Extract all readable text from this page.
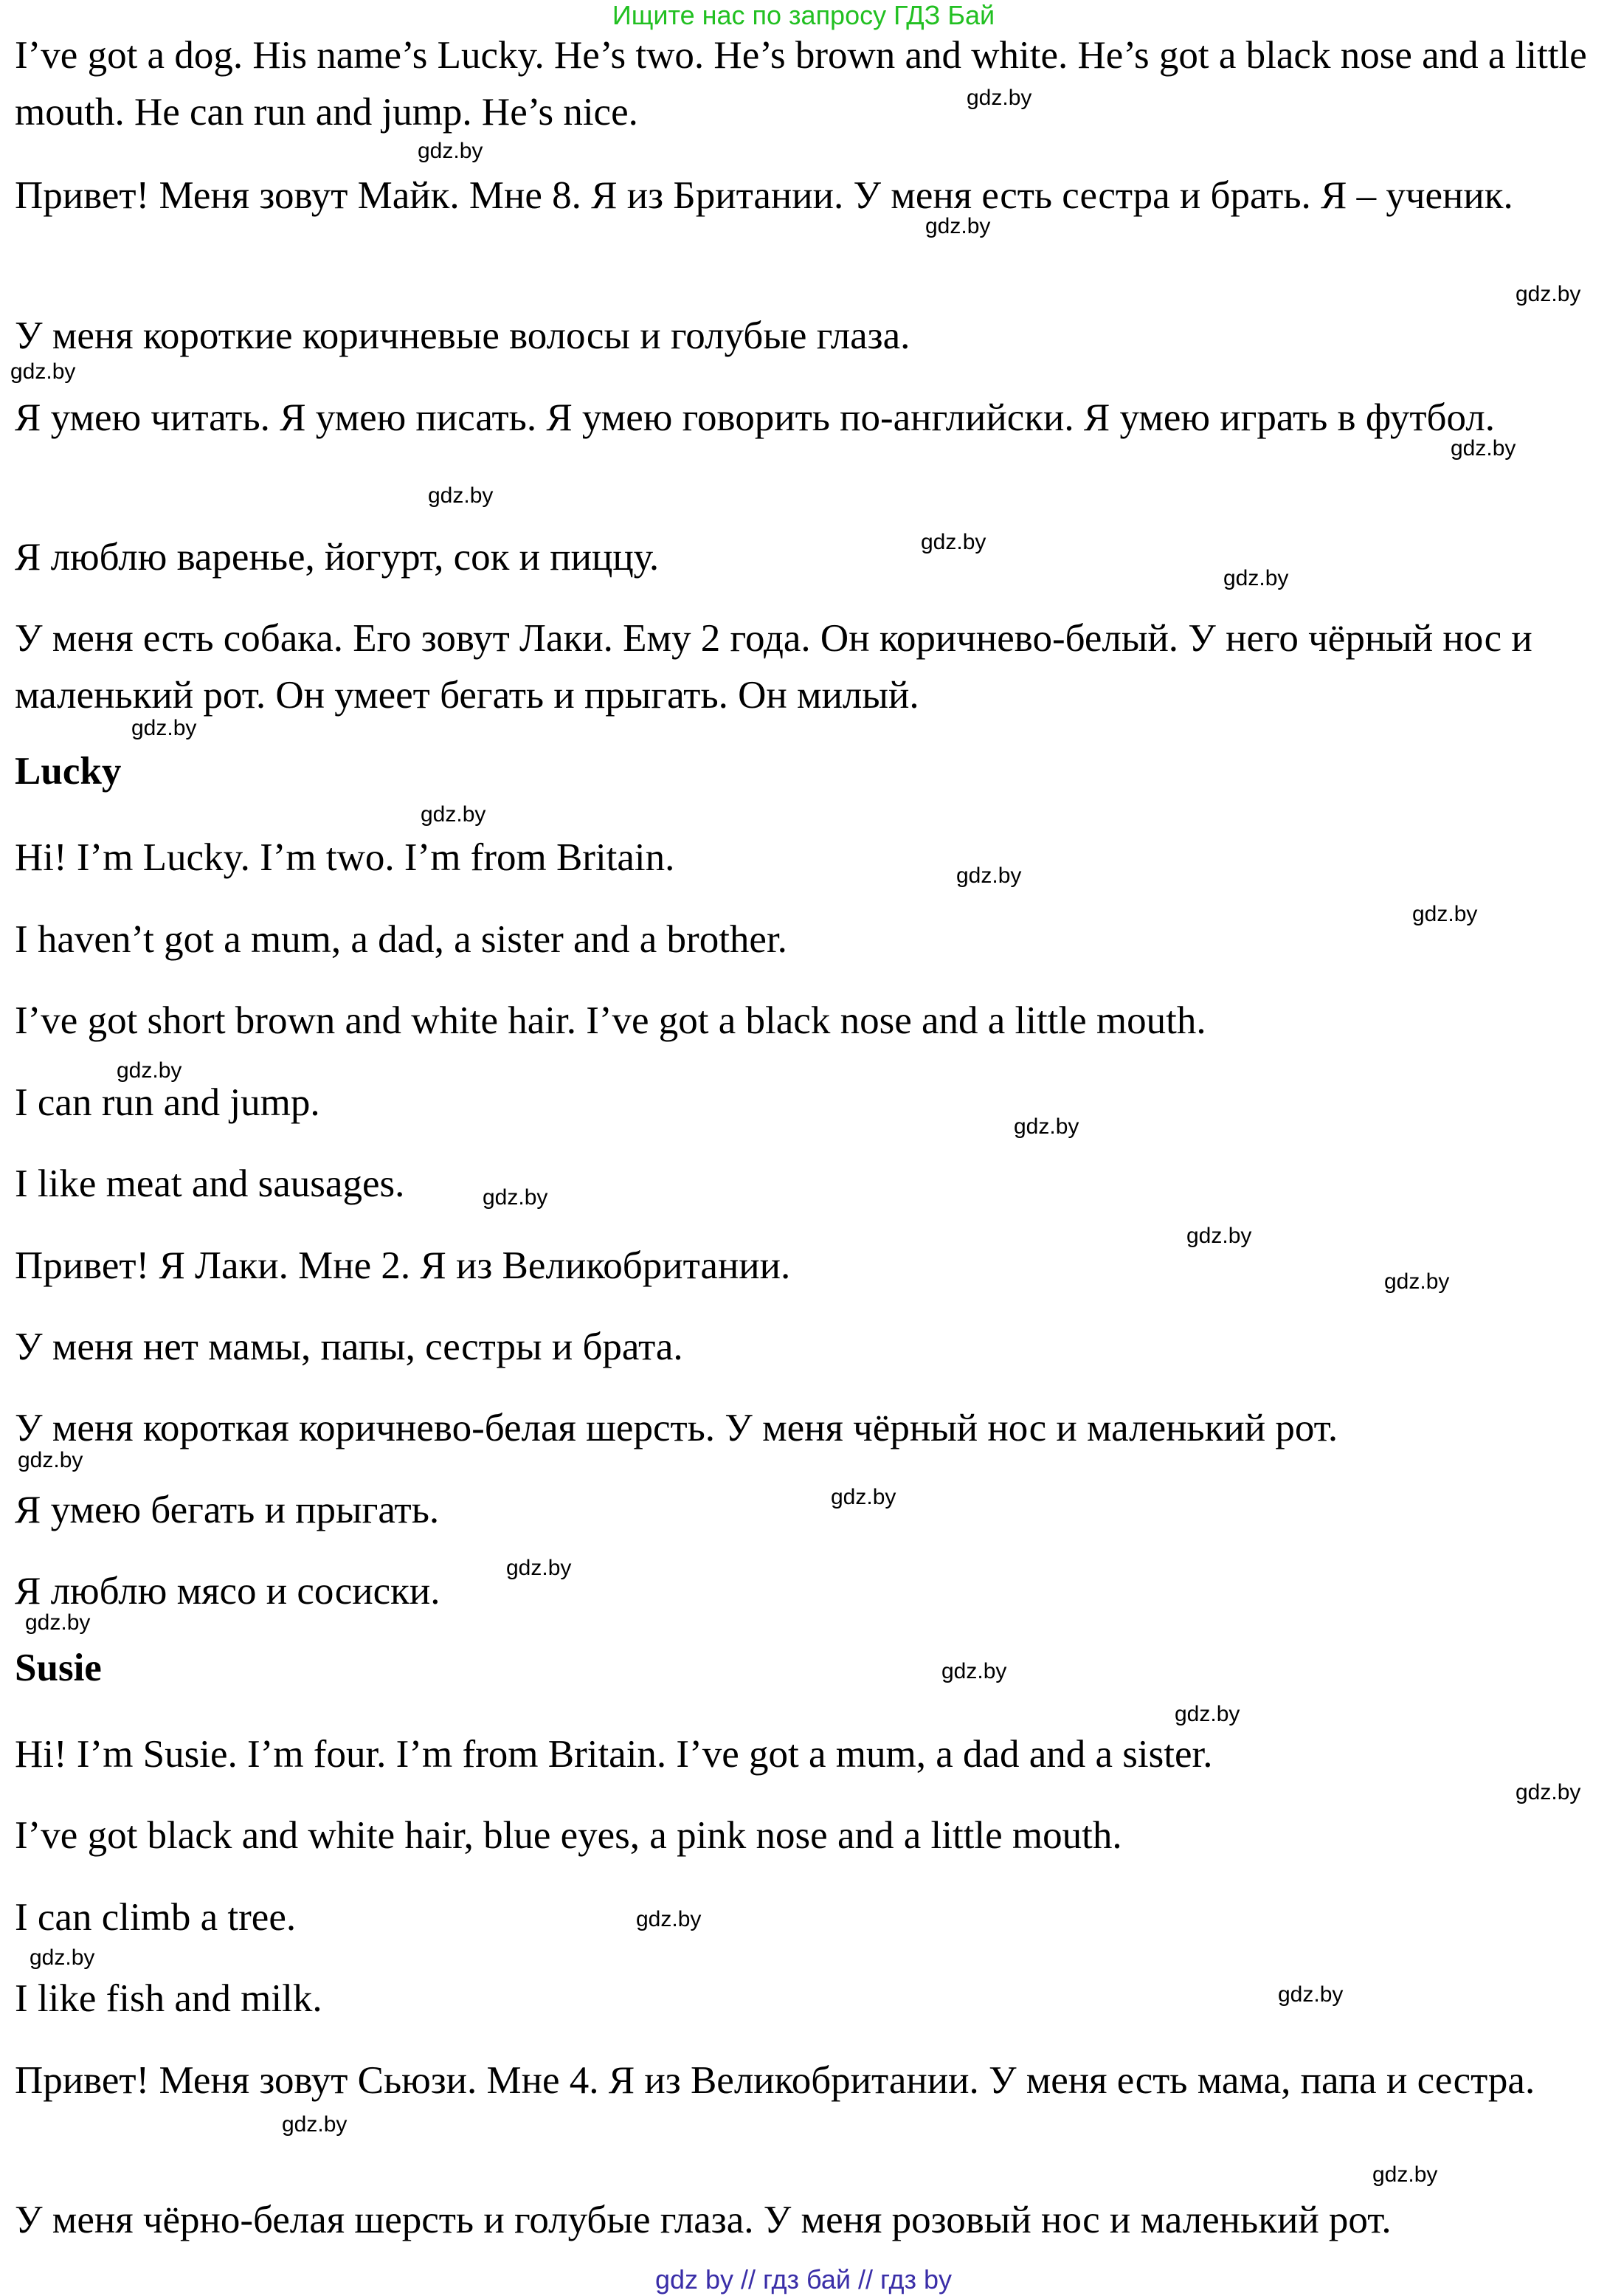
Ищите нас по запросу ГДЗ Бай

I’ve got a dog. His name’s Lucky. He’s two. He’s brown and white. He’s got a black nose and a little mouth. He can run and jump. He’s nice.

Привет! Меня зовут Майк. Мне 8. Я из Британии. У меня есть сестра и брать. Я – ученик.

У меня короткие коричневые волосы и голубые глаза.

Я умею читать. Я умею писать. Я умею говорить по-английски. Я умею играть в футбол.

Я люблю варенье, йогурт, сок и пиццу.

У меня есть собака. Его зовут Лаки. Ему 2 года. Он коричнево-белый. У него чёрный нос и маленький рот. Он умеет бегать и прыгать. Он милый.

Lucky

Hi! I’m Lucky. I’m two. I’m from Britain.

I haven’t got a mum, a dad, a sister and a brother.

I’ve got short brown and white hair. I’ve got a black nose and a little mouth.

I can run and jump.

I like meat and sausages.

Привет! Я Лаки. Мне 2. Я из Великобритании.

У меня нет мамы, папы, сестры и брата.

У меня короткая коричнево-белая шерсть. У меня чёрный нос и маленький рот.

Я умею бегать и прыгать.

Я люблю мясо и сосиски.

Susie

Hi! I’m Susie. I’m four. I’m from Britain. I’ve got a mum, a dad and a sister.

I’ve got black and white hair, blue eyes, a pink nose and a little mouth.

I can climb a tree.

I like fish and milk.

Привет! Меня зовут Сьюзи. Мне 4. Я из Великобритании. У меня есть мама, папа и сестра.

У меня чёрно-белая шерсть и голубые глаза. У меня розовый нос и маленький рот.

gdz.by
gdz.by
gdz.by
gdz.by
gdz.by
gdz.by
gdz.by
gdz.by
gdz.by
gdz.by
gdz.by
gdz.by
gdz.by
gdz.by
gdz.by
gdz.by
gdz.by
gdz.by
gdz.by
gdz.by
gdz.by
gdz.by
gdz.by
gdz.by
gdz.by
gdz.by
gdz.by
gdz.by
gdz.by
gdz.by
gdz by // гдз бай // гдз by
